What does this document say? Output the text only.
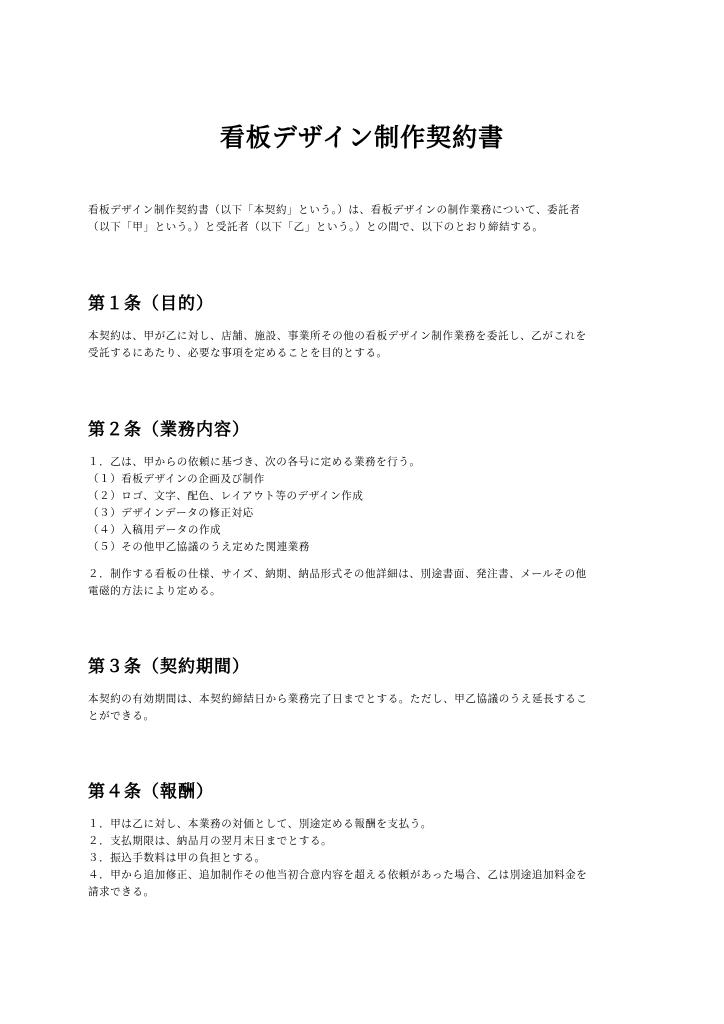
看板デザイン制作契約書

看板デザイン制作契約書（以下「本契約」という。）は、看板デザインの制作業務について、委託者
（以下「甲」という。）と受託者（以下「乙」という。）との間で、以下のとおり締結する。

第１条（目的）

本契約は、甲が乙に対し、店舗、施設、事業所その他の看板デザイン制作業務を委託し、乙がこれを
受託するにあたり、必要な事項を定めることを目的とする。

第２条（業務内容）

１．乙は、甲からの依頼に基づき、次の各号に定める業務を行う。
（１）看板デザインの企画及び制作
（２）ロゴ、文字、配色、レイアウト等のデザイン作成
（３）デザインデータの修正対応
（４）入稿用データの作成
（５）その他甲乙協議のうえ定めた関連業務

２．制作する看板の仕様、サイズ、納期、納品形式その他詳細は、別途書面、発注書、メールその他
電磁的方法により定める。

第３条（契約期間）

本契約の有効期間は、本契約締結日から業務完了日までとする。ただし、甲乙協議のうえ延長するこ
とができる。

第４条（報酬）

１．甲は乙に対し、本業務の対価として、別途定める報酬を支払う。
２．支払期限は、納品月の翌月末日までとする。
３．振込手数料は甲の負担とする。
４．甲から追加修正、追加制作その他当初合意内容を超える依頼があった場合、乙は別途追加料金を
請求できる。
